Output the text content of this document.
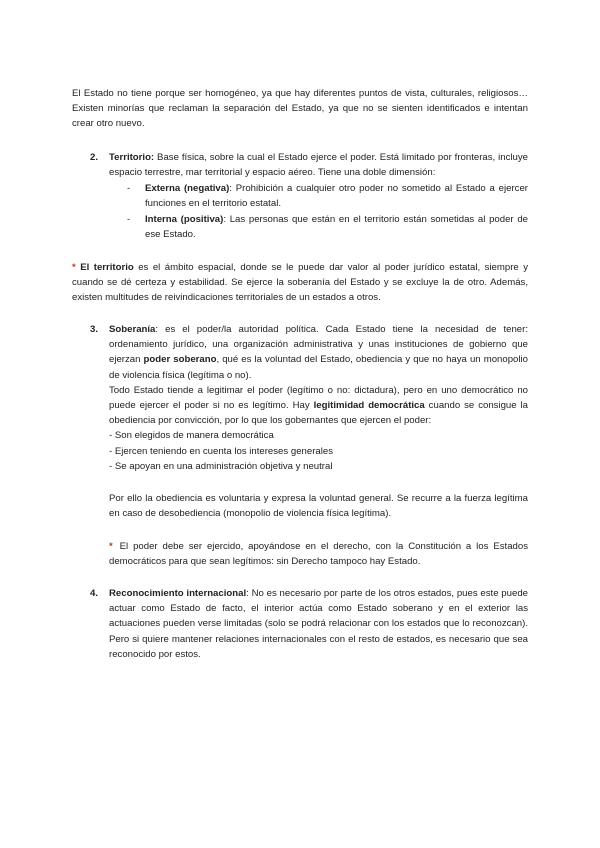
El Estado no tiene porque ser homogéneo, ya que hay diferentes puntos de vista, culturales, religiosos… Existen minorías que reclaman la separación del Estado, ya que no se sienten identificados e intentan crear otro nuevo.

2. Territorio: Base física, sobre la cual el Estado ejerce el poder. Está limitado por fronteras, incluye espacio terrestre, mar territorial y espacio aéreo. Tiene una doble dimensión:

- Externa (negativa): Prohibición a cualquier otro poder no sometido al Estado a ejercer funciones en el territorio estatal.

- Interna (positiva): Las personas que están en el territorio están sometidas al poder de ese Estado.

* El territorio es el ámbito espacial, donde se le puede dar valor al poder jurídico estatal, siempre y cuando se dé certeza y estabilidad. Se ejerce la soberanía del Estado y se excluye la de otro. Además, existen multitudes de reivindicaciones territoriales de un estados a otros.

3. Soberanía: es el poder/la autoridad política. Cada Estado tiene la necesidad de tener: ordenamiento jurídico, una organización administrativa y unas instituciones de gobierno que ejerzan poder soberano, qué es la voluntad del Estado, obediencia y que no haya un monopolio de violencia física (legítima o no).
Todo Estado tiende a legitimar el poder (legítimo o no: dictadura), pero en uno democrático no puede ejercer el poder si no es legítimo. Hay legitimidad democrática cuando se consigue la obediencia por convicción, por lo que los gobernantes que ejercen el poder:
- Son elegidos de manera democrática
- Ejercen teniendo en cuenta los intereses generales
- Se apoyan en una administración objetiva y neutral

Por ello la obediencia es voluntaria y expresa la voluntad general. Se recurre a la fuerza legítima en caso de desobediencia (monopolio de violencia física legítima).

* El poder debe ser ejercido, apoyándose en el derecho, con la Constitución a los Estados democráticos para que sean legítimos: sin Derecho tampoco hay Estado.

4. Reconocimiento internacional: No es necesario por parte de los otros estados, pues este puede actuar como Estado de facto, el interior actúa como Estado soberano y en el exterior las actuaciones pueden verse limitadas (solo se podrá relacionar con los estados que lo reconozcan). Pero si quiere mantener relaciones internacionales con el resto de estados, es necesario que sea reconocido por estos.
